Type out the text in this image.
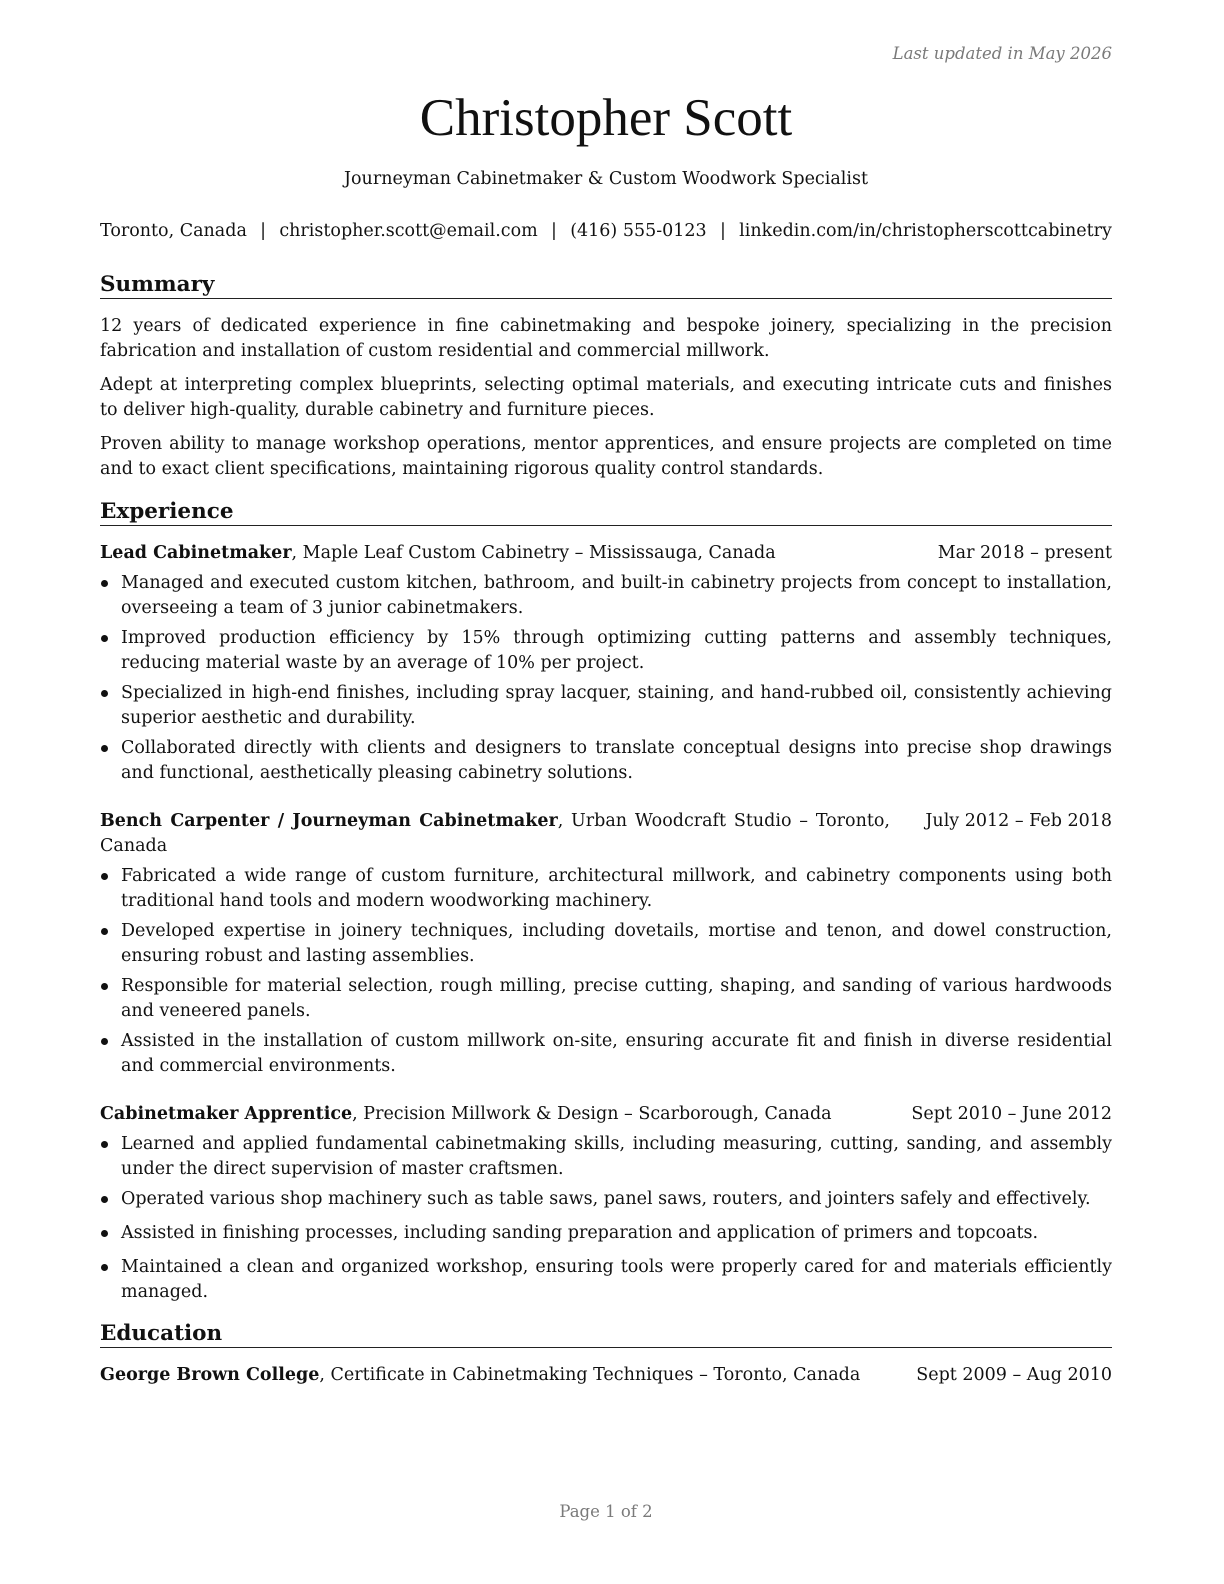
Last updated in May 2026
Christopher Scott
Journeyman Cabinetmaker & Custom Woodwork Specialist
Toronto, Canada | christopher.scott@email.com | (416) 555-0123 | linkedin.com/in/christopherscottcabinetry
Summary
12 years of dedicated experience in fine cabinetmaking and bespoke joinery, specializing in the precision fabrication and installation of custom residential and commercial millwork.
Adept at interpreting complex blueprints, selecting optimal materials, and executing intricate cuts and finishes to deliver high-quality, durable cabinetry and furniture pieces.
Proven ability to manage workshop operations, mentor apprentices, and ensure projects are completed on time and to exact client specifications, maintaining rigorous quality control standards.
Experience
Lead Cabinetmaker, Maple Leaf Custom Cabinetry – Mississauga, Canada	Mar 2018 – present
Managed and executed custom kitchen, bathroom, and built-in cabinetry projects from concept to installation, overseeing a team of 3 junior cabinetmakers.
Improved production efficiency by 15% through optimizing cutting patterns and assembly techniques, reducing material waste by an average of 10% per project.
Specialized in high-end finishes, including spray lacquer, staining, and hand-rubbed oil, consistently achieving superior aesthetic and durability.
Collaborated directly with clients and designers to translate conceptual designs into precise shop drawings and functional, aesthetically pleasing cabinetry solutions.
Bench Carpenter / Journeyman Cabinetmaker, Urban Woodcraft Studio – Toronto, Canada
July 2012 – Feb 2018
Fabricated a wide range of custom furniture, architectural millwork, and cabinetry components using both traditional hand tools and modern woodworking machinery.
Developed expertise in joinery techniques, including dovetails, mortise and tenon, and dowel construction, ensuring robust and lasting assemblies.
Responsible for material selection, rough milling, precise cutting, shaping, and sanding of various hardwoods and veneered panels.
Assisted in the installation of custom millwork on-site, ensuring accurate fit and finish in diverse residential and commercial environments.
Cabinetmaker Apprentice, Precision Millwork & Design – Scarborough, Canada	Sept 2010 – June 2012
Learned and applied fundamental cabinetmaking skills, including measuring, cutting, sanding, and assembly under the direct supervision of master craftsmen.
Operated various shop machinery such as table saws, panel saws, routers, and jointers safely and effectively.
Assisted in finishing processes, including sanding preparation and application of primers and topcoats.
Maintained a clean and organized workshop, ensuring tools were properly cared for and materials efficiently managed.
Education
George Brown College, Certificate in Cabinetmaking Techniques – Toronto, Canada	Sept 2009 – Aug 2010
Page 1 of 2
